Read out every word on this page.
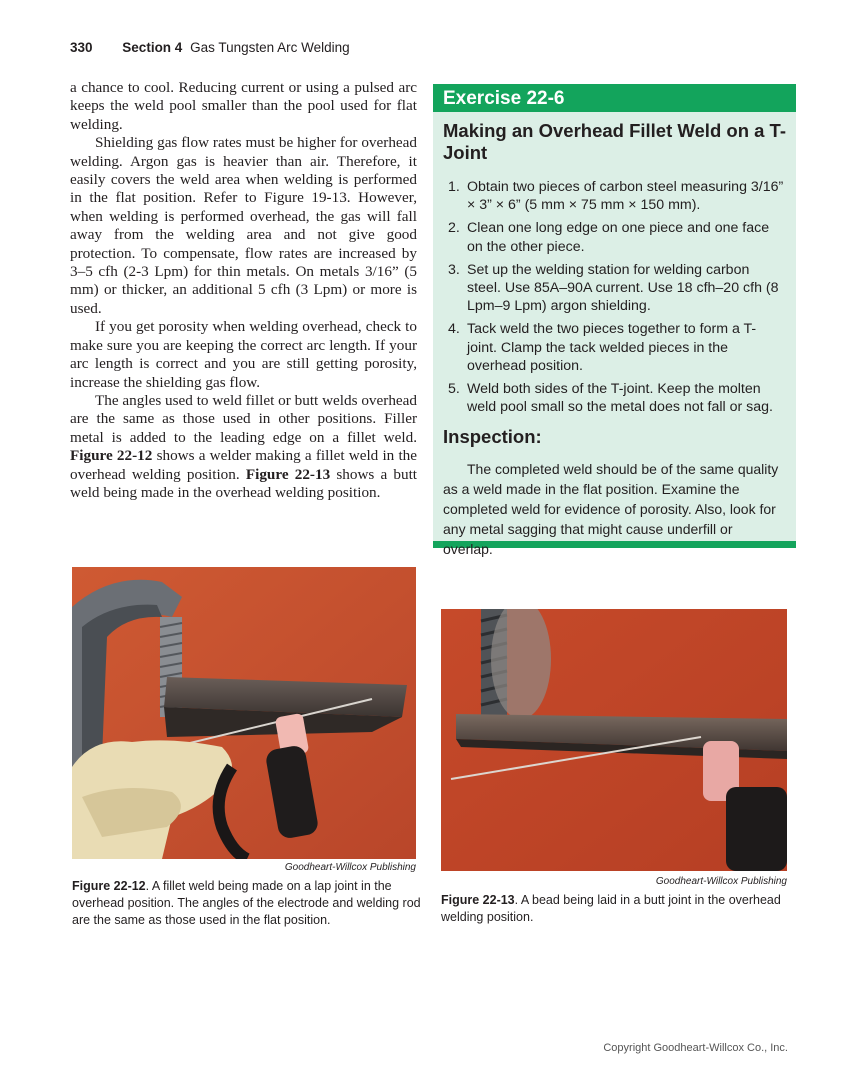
330 Section 4 Gas Tungsten Arc Welding

a chance to cool. Reducing current or using a pulsed arc keeps the weld pool smaller than the pool used for flat welding.

Shielding gas flow rates must be higher for overhead welding. Argon gas is heavier than air. Therefore, it easily covers the weld area when welding is performed in the flat position. Refer to Figure 19-13. However, when welding is performed overhead, the gas will fall away from the welding area and not give good protection. To compensate, flow rates are increased by 3–5 cfh (2-3 Lpm) for thin metals. On metals 3/16” (5 mm) or thicker, an additional 5 cfh (3 Lpm) or more is used.

If you get porosity when welding overhead, check to make sure you are keeping the correct arc length. If your arc length is correct and you are still getting porosity, increase the shielding gas flow.

The angles used to weld fillet or butt welds overhead are the same as those used in other positions. Filler metal is added to the leading edge on a fillet weld. Figure 22-12 shows a welder making a fillet weld in the overhead welding position. Figure 22-13 shows a butt weld being made in the overhead welding position.

Exercise 22-6
Making an Overhead Fillet Weld on a T-Joint
1. Obtain two pieces of carbon steel measuring 3/16” × 3” × 6” (5 mm × 75 mm × 150 mm).
2. Clean one long edge on one piece and one face on the other piece.
3. Set up the welding station for welding carbon steel. Use 85A–90A current. Use 18 cfh–20 cfh (8 Lpm–9 Lpm) argon shielding.
4. Tack weld the two pieces together to form a T-joint. Clamp the tack welded pieces in the overhead position.
5. Weld both sides of the T-joint. Keep the molten weld pool small so the metal does not fall or sag.
Inspection:
The completed weld should be of the same quality as a weld made in the flat position. Examine the completed weld for evidence of porosity. Also, look for any metal sagging that might cause underfill or overlap.
Goodheart-Willcox Publishing
Figure 22-12. A fillet weld being made on a lap joint in the overhead position. The angles of the electrode and welding rod are the same as those used in the flat position.
Goodheart-Willcox Publishing
Figure 22-13. A bead being laid in a butt joint in the overhead welding position.
Copyright Goodheart-Willcox Co., Inc.
